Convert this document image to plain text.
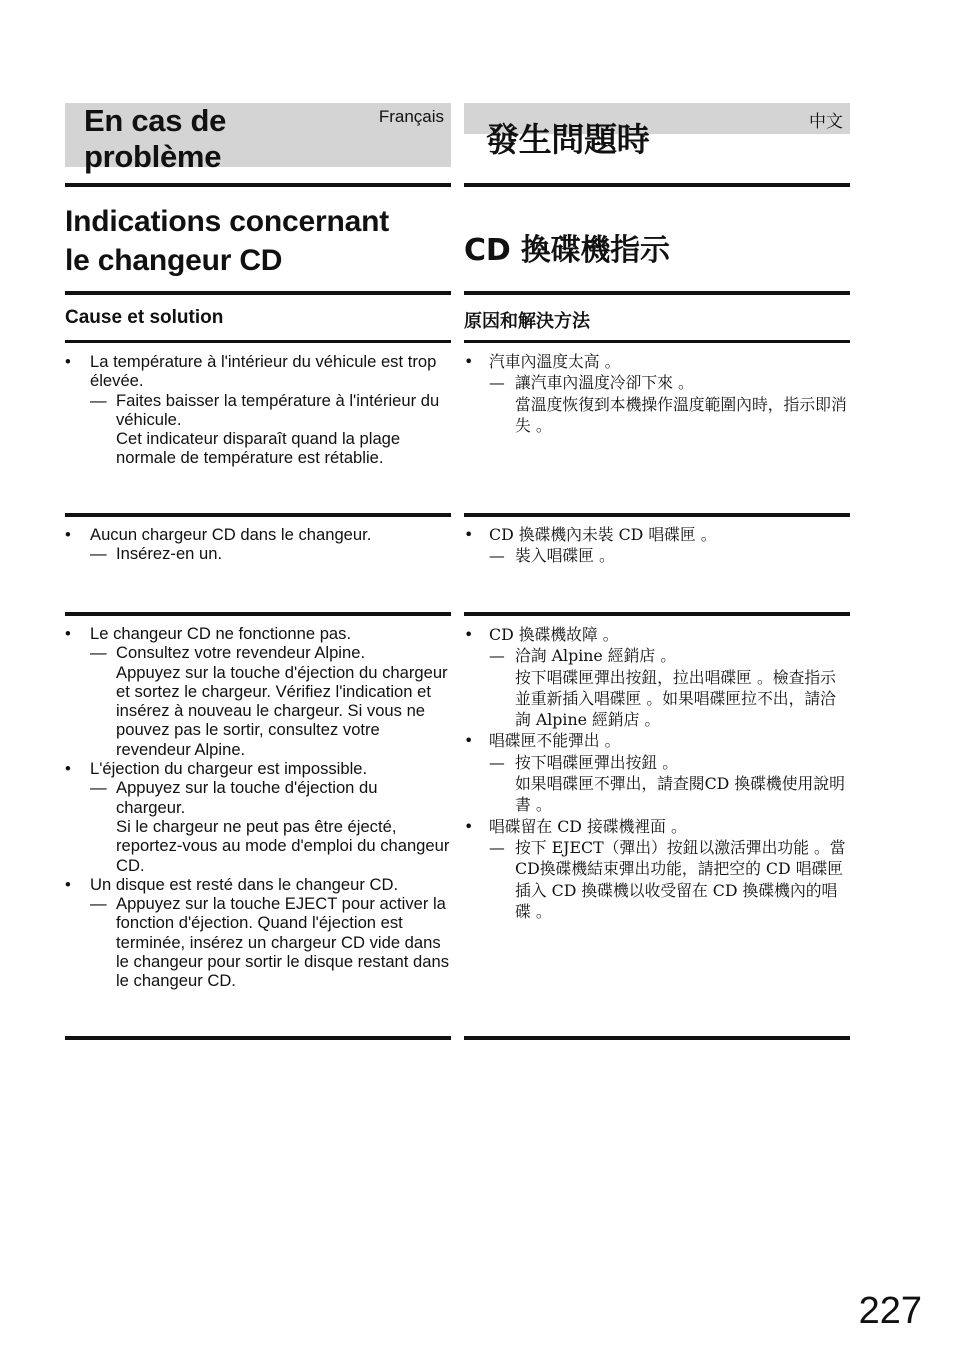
Français
En cas de
problème
Indications concernant
le changeur CD
Cause et solution
• La température à l'intérieur du véhicule est trop élevée.
— Faites baisser la température à l'intérieur du véhicule.
Cet indicateur disparaît quand la plage normale de température est rétablie.
• Aucun chargeur CD dans le changeur.
— Insérez-en un.
• Le changeur CD ne fonctionne pas.
— Consultez votre revendeur Alpine.
Appuyez sur la touche d'éjection du chargeur et sortez le chargeur. Vérifiez l'indication et insérez à nouveau le chargeur. Si vous ne pouvez pas le sortir, consultez votre revendeur Alpine.
• L'éjection du chargeur est impossible.
— Appuyez sur la touche d'éjection du chargeur.
Si le chargeur ne peut pas être éjecté, reportez-vous au mode d'emploi du changeur CD.
• Un disque est resté dans le changeur CD.
— Appuyez sur la touche EJECT pour activer la fonction d'éjection. Quand l'éjection est terminée, insérez un chargeur CD vide dans le changeur pour sortir le disque restant dans le changeur CD.
中文
發生問題時
CD 換碟機指示
原因和解決方法
• 汽車內溫度太高 。
— 讓汽車內溫度冷卻下來 。
當溫度恢復到本機操作溫度範圍內時，指示即消失 。
• CD 換碟機內未裝 CD 唱碟匣 。
— 裝入唱碟匣 。
• CD 換碟機故障 。
— 洽詢 Alpine 經銷店 。
按下唱碟匣彈出按鈕，拉出唱碟匣 。檢查指示並重新插入唱碟匣 。如果唱碟匣拉不出，請洽詢 Alpine 經銷店 。
• 唱碟匣不能彈出 。
— 按下唱碟匣彈出按鈕 。
如果唱碟匣不彈出，請查閱CD 換碟機使用說明書 。
• 唱碟留在 CD 接碟機裡面 。
— 按下 EJECT（彈出）按鈕以激活彈出功能 。當CD換碟機結束彈出功能，請把空的 CD 唱碟匣插入 CD 換碟機以收受留在 CD 換碟機內的唱碟 。
227
